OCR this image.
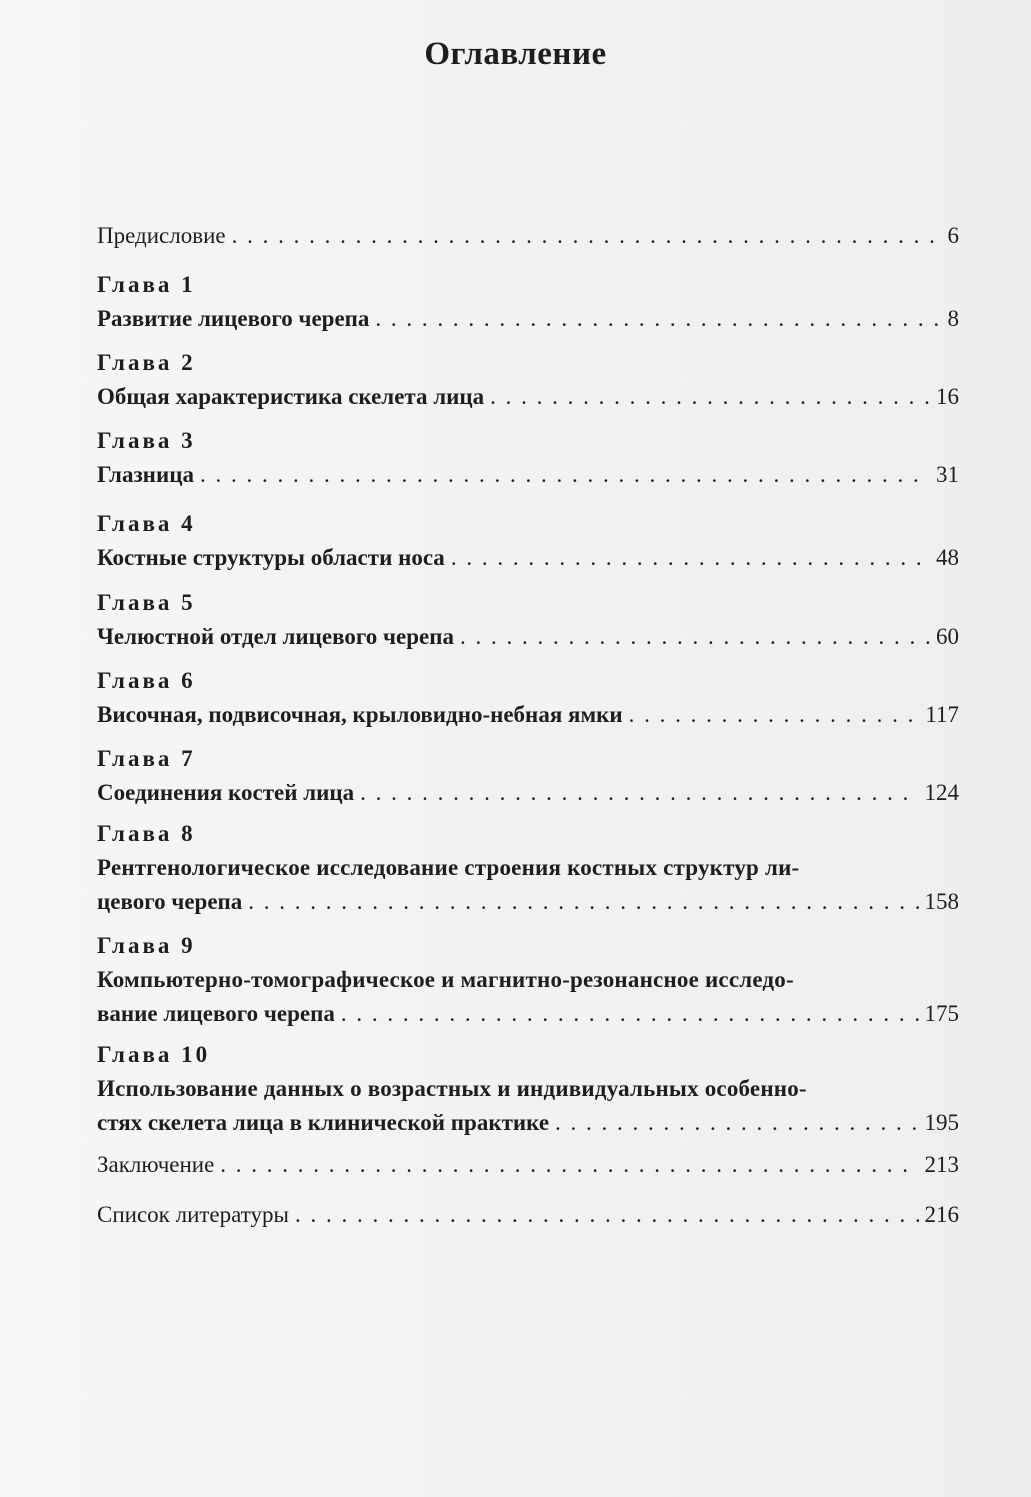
Оглавление
Предисловие . . .	6
Глава 1
Развитие лицевого черепа . . .	8
Глава 2
Общая характеристика скелета лица . . .	16
Глава 3
Глазница . . .	31
Глава 4
Костные структуры области носа . . .	48
Глава 5
Челюстной отдел лицевого черепа . . .	60
Глава 6
Височная, подвисочная, крыловидно-небная ямки . . .	117
Глава 7
Соединения костей лица . . .	124
Глава 8
Рентгенологическое исследование строения костных структур ли-
цевого черепа . . .	158
Глава 9
Компьютерно-томографическое и магнитно-резонансное исследо-
вание лицевого черепа . . .	175
Глава 10
Использование данных о возрастных и индивидуальных особенно-
стях скелета лица в клинической практике . . .	195
Заключение . . .	213
Список литературы . . .	216
